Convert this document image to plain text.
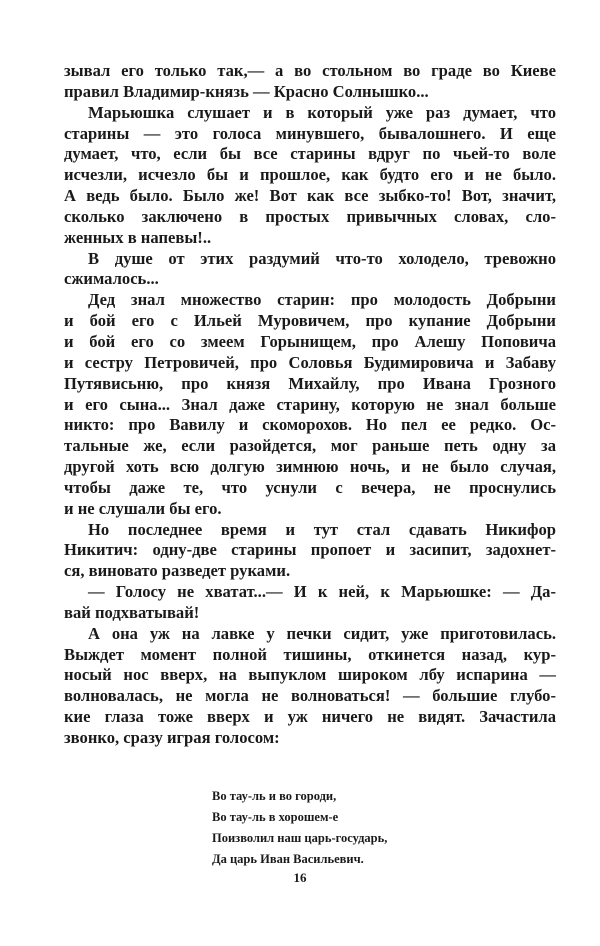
зывал его только так,— а во стольном во граде во Киеве
правил Владимир-князь — Красно Солнышко...
Марьюшка слушает и в который уже раз думает, что
старины — это голоса минувшего, бывалошнего. И еще
думает, что, если бы все старины вдруг по чьей-то воле
исчезли, исчезло бы и прошлое, как будто его и не было.
А ведь было. Было же! Вот как все зыбко-то! Вот, значит,
сколько заключено в простых привычных словах, сло-
женных в напевы!..
В душе от этих раздумий что-то холодело, тревожно
сжималось...
Дед знал множество старин: про молодость Добрыни
и бой его с Ильей Муровичем, про купание Добрыни
и бой его со змеем Горынищем, про Алешу Поповича
и сестру Петровичей, про Соловья Будимировича и Забаву
Путявисьню, про князя Михайлу, про Ивана Грозного
и его сына... Знал даже старину, которую не знал больше
никто: про Вавилу и скоморохов. Но пел ее редко. Ос-
тальные же, если разойдется, мог раньше петь одну за
другой хоть всю долгую зимнюю ночь, и не было случая,
чтобы даже те, что уснули с вечера, не проснулись
и не слушали бы его.
Но последнее время и тут стал сдавать Никифор
Никитич: одну-две старины пропоет и засипит, задохнет-
ся, виновато разведет руками.
— Голосу не хватат...— И к ней, к Марьюшке: — Да-
вай подхватывай!
А она уж на лавке у печки сидит, уже приготовилась.
Выждет момент полной тишины, откинется назад, кур-
носый нос вверх, на выпуклом широком лбу испарина —
волновалась, не могла не волноваться! — большие глубо-
кие глаза тоже вверх и уж ничего не видят. Зачастила
звонко, сразу играя голосом:
Во тау-ль и во городи,
Во тау-ль в хорошем-е
Поизволил наш царь-государь,
Да царь Иван Васильевич.
16
